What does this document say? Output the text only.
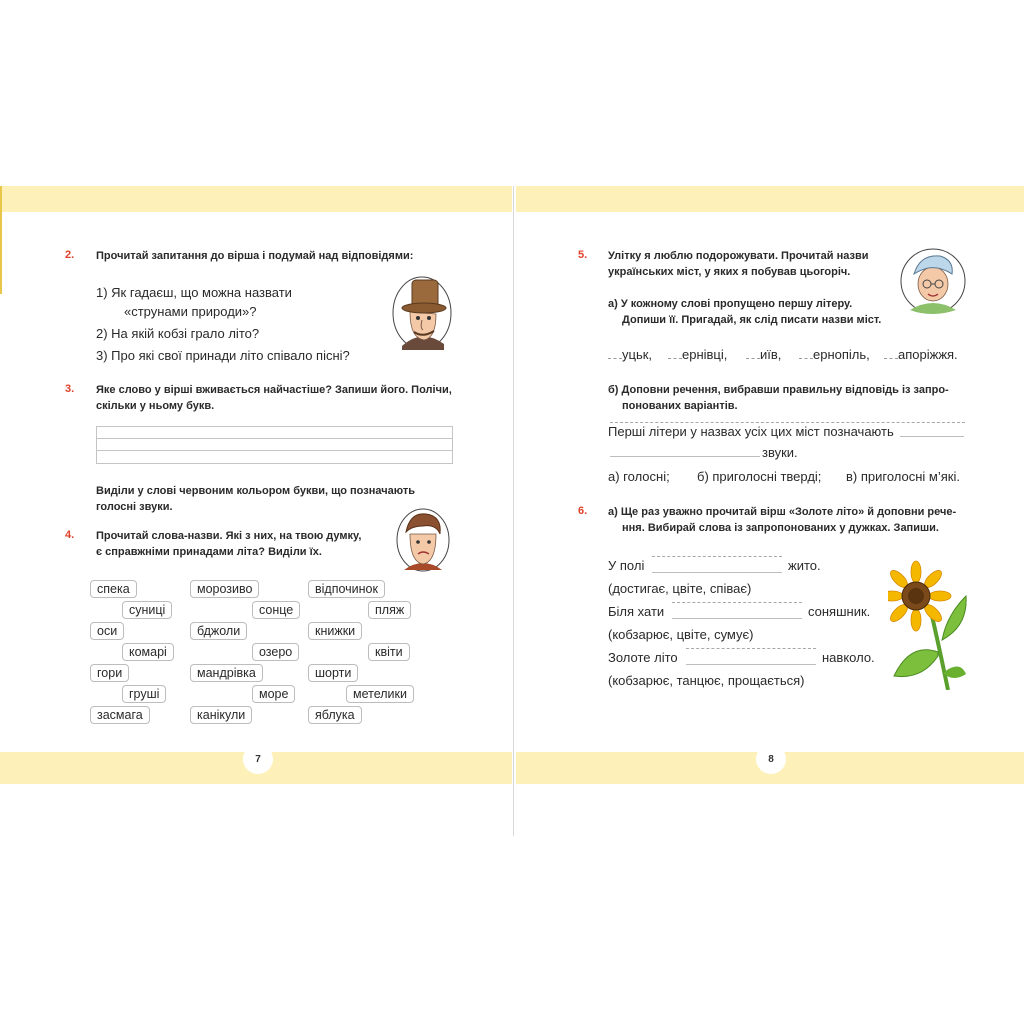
7	8
2. Прочитай запитання до вірша і подумай над відповідями:
1) Як гадаєш, що можна назвати
«струнами природи»?
2) На якій кобзі грало літо?
3) Про які свої принади літо співало пісні?
3. Яке слово у вірші вживається найчастіше? Запиши його. Полічи,
скільки у ньому букв.
Виділи у слові червоним кольором букви, що позначають
голосні звуки.
4. Прочитай слова-назви. Які з них, на твою думку,
є справжніми принадами літа? Виділи їх.
спека	морозиво	відпочинок
суниці	сонце	пляж
оси	бджоли	книжки
комарі	озеро	квіти
гори	мандрівка	шорти
груші	море	метелики
засмага	канікули	яблука
5. Улітку я люблю подорожувати. Прочитай назви
українських міст, у яких я побував цьогоріч.
а) У кожному слові пропущено першу літеру.
Допиши її. Пригадай, як слід писати назви міст.
уцьк,	ернівці,	иїв,	ернопіль,	апоріжжя.
б) Доповни речення, вибравши правильну відповідь із запро-
понованих варіантів.
Перші літери у назвах усіх цих міст позначають
звуки.
а) голосні; б) приголосні тверді; в) приголосні м’які.
6. а) Ще раз уважно прочитай вірш «Золоте літо» й доповни рече-
ння. Вибирай слова із запропонованих у дужках. Запиши.
У полі	жито.
(достигає, цвіте, співає)
Біля хати	соняшник.
(кобзарює, цвіте, сумує)
Золоте літо	навколо.
(кобзарює, танцює, прощається)
